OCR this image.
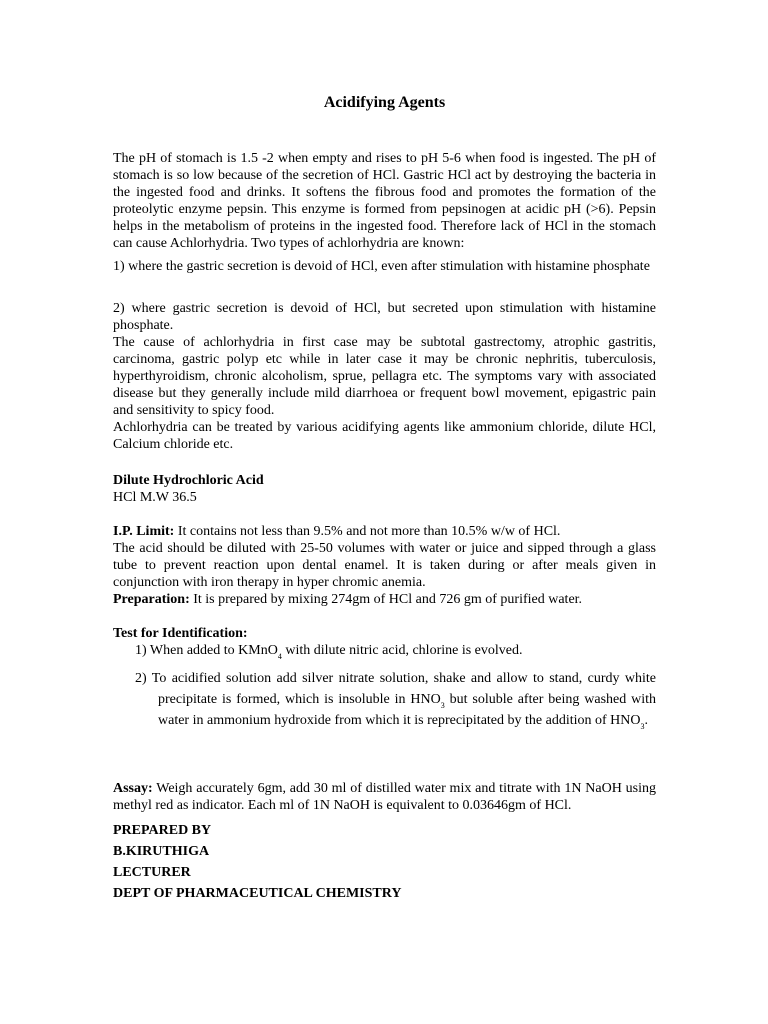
Acidifying Agents

The pH of stomach is 1.5 -2 when empty and rises to pH 5-6 when food is ingested. The pH of stomach is so low because of the secretion of HCl. Gastric HCl act by destroying the bacteria in the ingested food and drinks. It softens the fibrous food and promotes the formation of the proteolytic enzyme pepsin. This enzyme is formed from pepsinogen at acidic pH (>6). Pepsin helps in the metabolism of proteins in the ingested food. Therefore lack of HCl in the stomach can cause Achlorhydria. Two types of achlorhydria are known:

1) where the gastric secretion is devoid of HCl, even after stimulation with histamine phosphate

2) where gastric secretion is devoid of HCl, but secreted upon stimulation with histamine phosphate.

The cause of achlorhydria in first case may be subtotal gastrectomy, atrophic gastritis, carcinoma, gastric polyp etc while in later case it may be chronic nephritis, tuberculosis, hyperthyroidism, chronic alcoholism, sprue, pellagra etc. The symptoms vary with associated disease but they generally include mild diarrhoea or frequent bowl movement, epigastric pain and sensitivity to spicy food.

Achlorhydria can be treated by various acidifying agents like ammonium chloride, dilute HCl, Calcium chloride etc.

Dilute Hydrochloric Acid

HCl M.W 36.5

I.P. Limit: It contains not less than 9.5% and not more than 10.5% w/w of HCl.

The acid should be diluted with 25-50 volumes with water or juice and sipped through a glass tube to prevent reaction upon dental enamel. It is taken during or after meals given in conjunction with iron therapy in hyper chromic anemia.

Preparation: It is prepared by mixing 274gm of HCl and 726 gm of purified water.

Test for Identification:

1) When added to KMnO$_4$ with dilute nitric acid, chlorine is evolved.

2) To acidified solution add silver nitrate solution, shake and allow to stand, curdy white precipitate is formed, which is insoluble in $HNO_3$ but soluble after being washed with water in ammonium hydroxide from which it is reprecipitated by the addition of $HNO_3$.

Assay: Weigh accurately 6gm, add 30 ml of distilled water mix and titrate with 1N NaOH using methyl red as indicator. Each ml of 1N NaOH is equivalent to 0.03646gm of HCl.

PREPARED BY
B.KIRUTHIGA
LECTURER
DEPT OF PHARMACEUTICAL CHEMISTRY
